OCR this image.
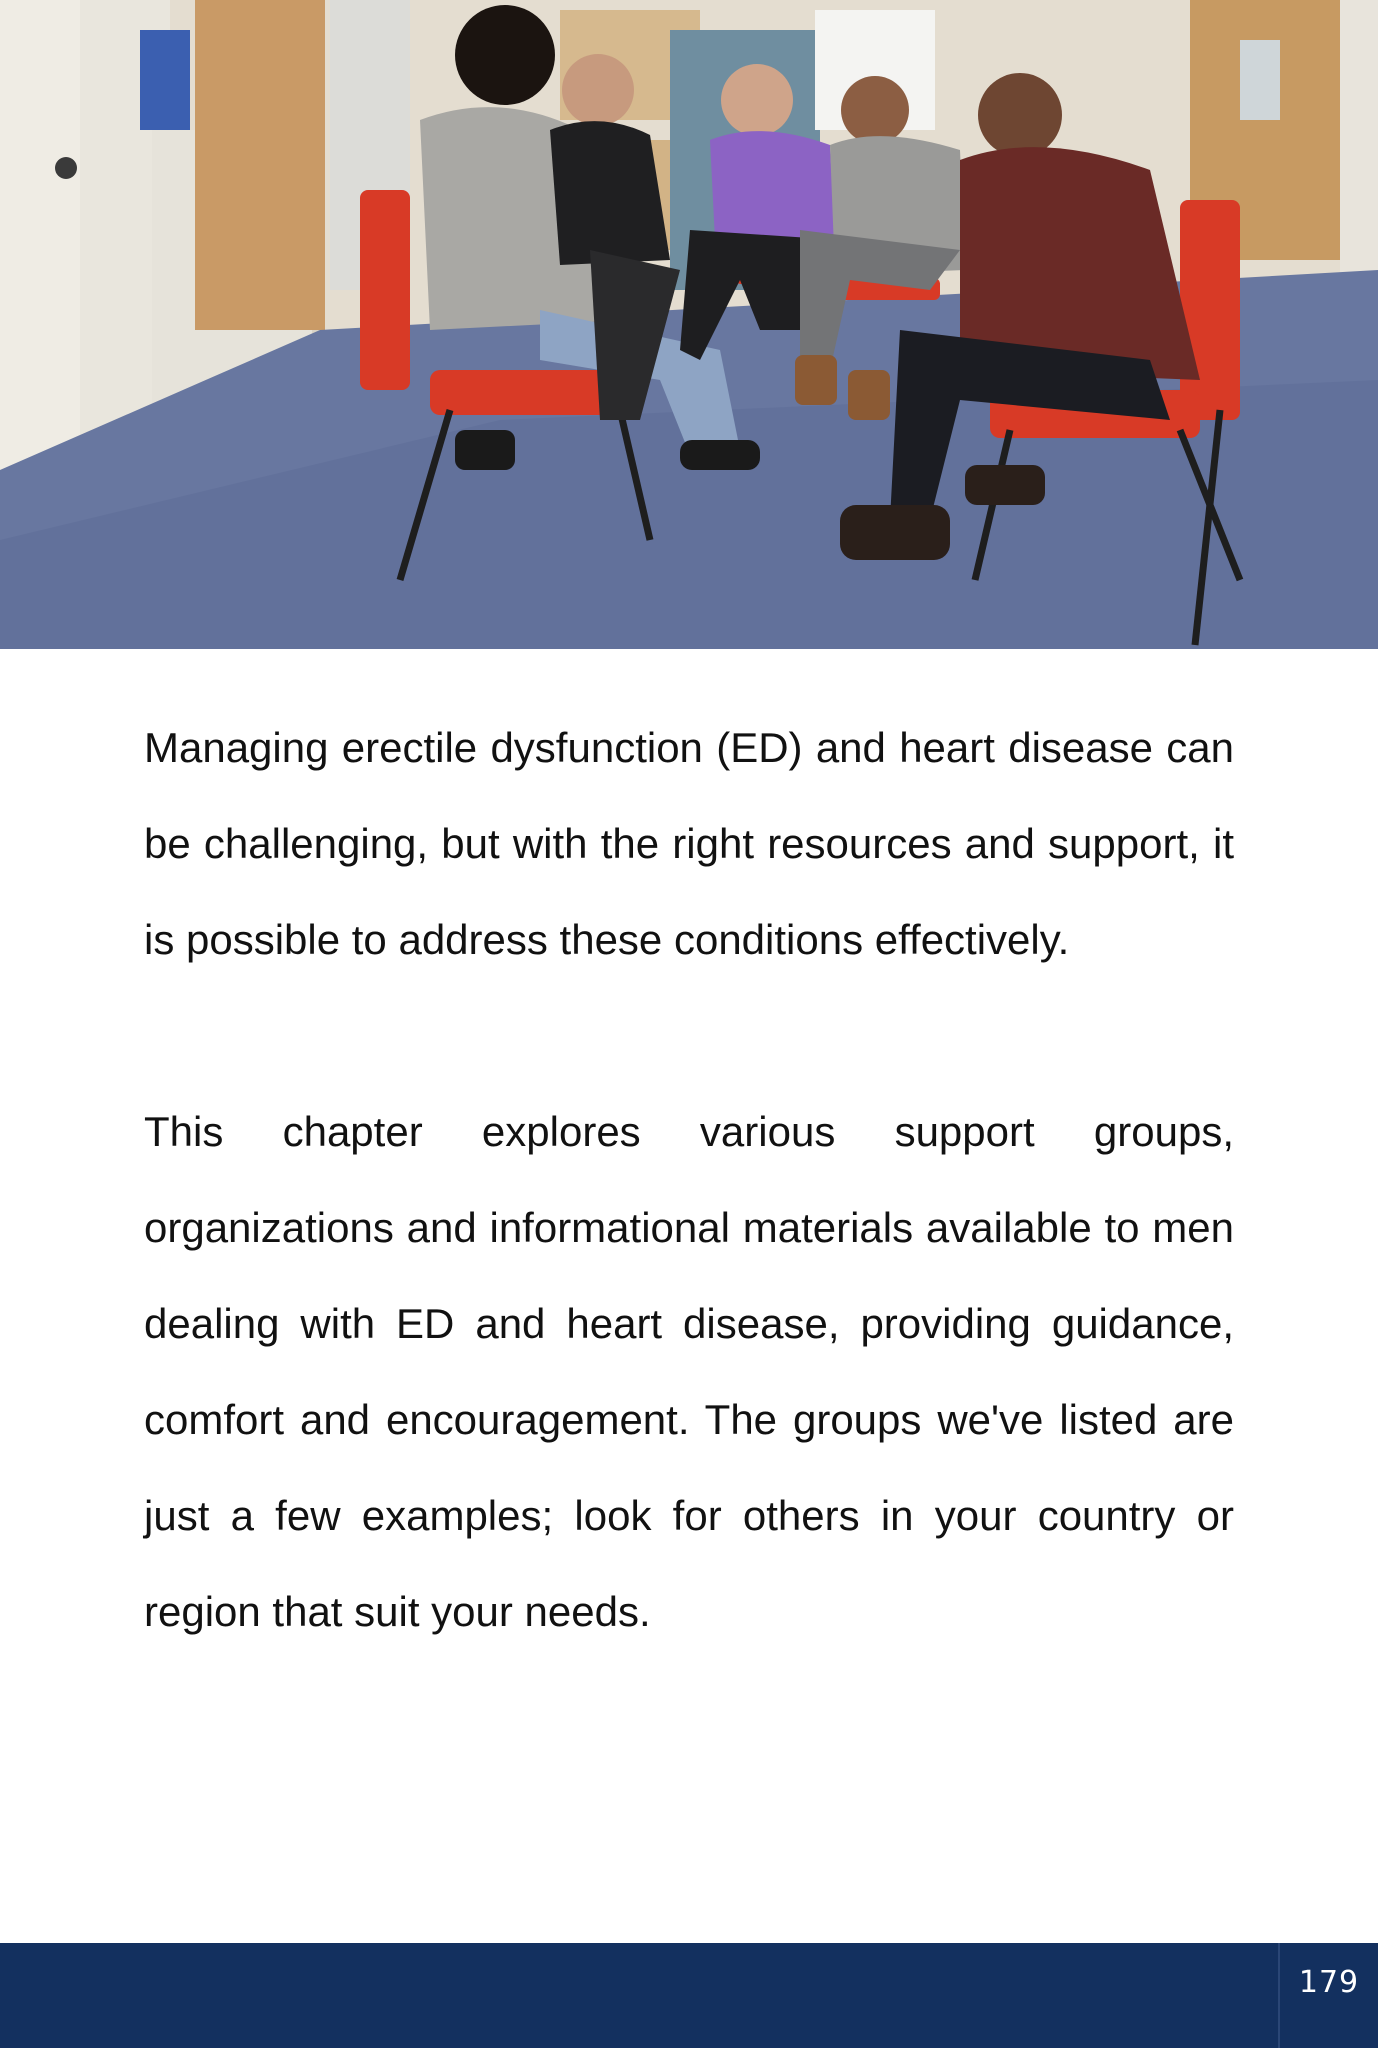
Managing erectile dysfunction (ED) and heart disease can be challenging, but with the right resources and support, it is possible to address these conditions effectively.

This chapter explores various support groups, organizations and informational materials available to men dealing with ED and heart disease, providing guidance, comfort and encouragement. The groups we've listed are just a few examples; look for others in your country or region that suit your needs.

179
